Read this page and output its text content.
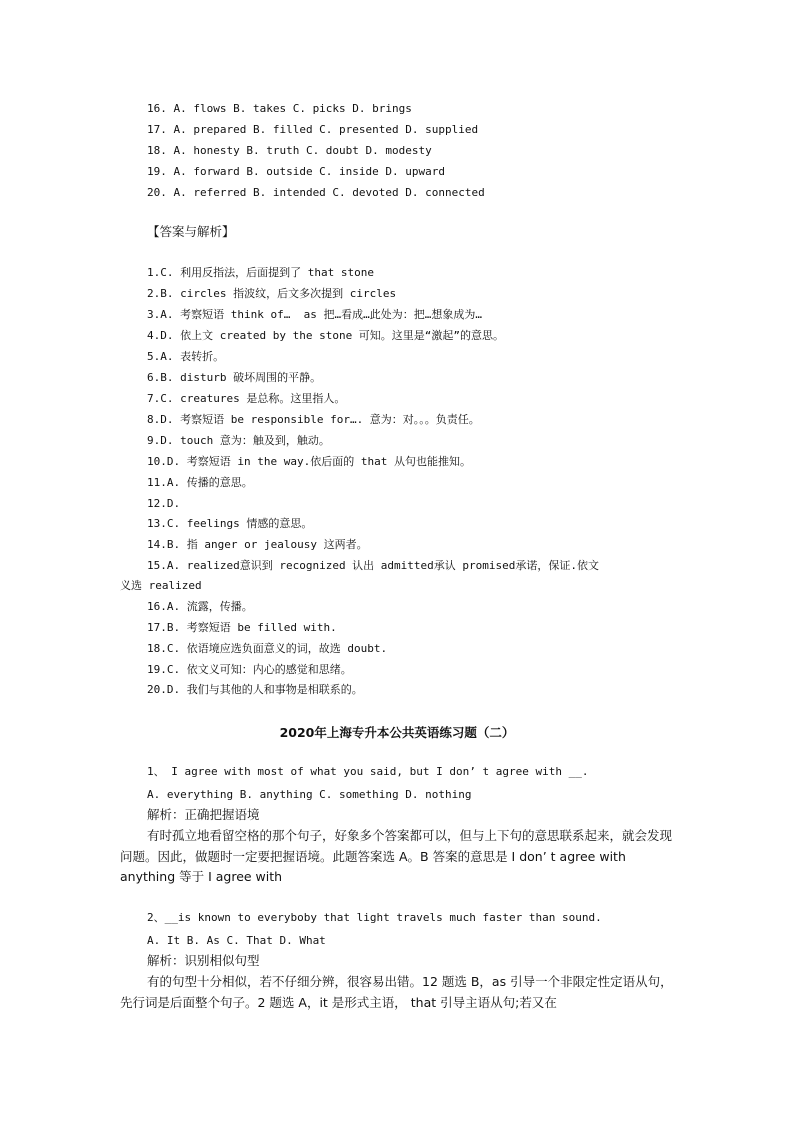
16. A. flows B. takes C. picks D. brings
17. A. prepared B. filled C. presented D. supplied
18. A. honesty B. truth C. doubt D. modesty
19. A. forward B. outside C. inside D. upward
20. A. referred B. intended C. devoted D. connected
【答案与解析】
1.C. 利用反指法，后面提到了 that stone
2.B. circles 指波纹，后文多次提到 circles
3.A. 考察短语 think of…  as 把…看成…此处为：把…想象成为…
4.D. 依上文 created by the stone 可知。这里是“激起”的意思。
5.A. 表转折。
6.B. disturb 破坏周围的平静。
7.C. creatures 是总称。这里指人。
8.D. 考察短语 be responsible for…. 意为：对。。。负责任。
9.D. touch 意为：触及到，触动。
10.D. 考察短语 in the way.依后面的 that 从句也能推知。
11.A. 传播的意思。
12.D.
13.C. feelings 情感的意思。
14.B. 指 anger or jealousy 这两者。
15.A. realized意识到 recognized 认出 admitted承认 promised承诺，保证.依文
义选 realized
16.A. 流露，传播。
17.B. 考察短语 be filled with.
18.C. 依语境应选负面意义的词，故选 doubt.
19.C. 依文义可知：内心的感觉和思绪。
20.D. 我们与其他的人和事物是相联系的。
2020年上海专升本公共英语练习题（二）
1、 I agree with most of what you said, but I don’ t agree with __.
A. everything B. anything C. something D. nothing
解析：正确把握语境
有时孤立地看留空格的那个句子，好象多个答案都可以，但与上下句的意思联系起来，就会发现问题。因此，做题时一定要把握语境。此题答案选 A。B 答案的意思是 I don’ t agree with anything 等于 I agree with
2、__is known to everyboby that light travels much faster than sound.
A. It B. As C. That D. What
解析：识别相似句型
有的句型十分相似，若不仔细分辨，很容易出错。12 题选 B，as 引导一个非限定性定语从句，先行词是后面整个句子。2 题选 A，it 是形式主语， that 引导主语从句;若又在
